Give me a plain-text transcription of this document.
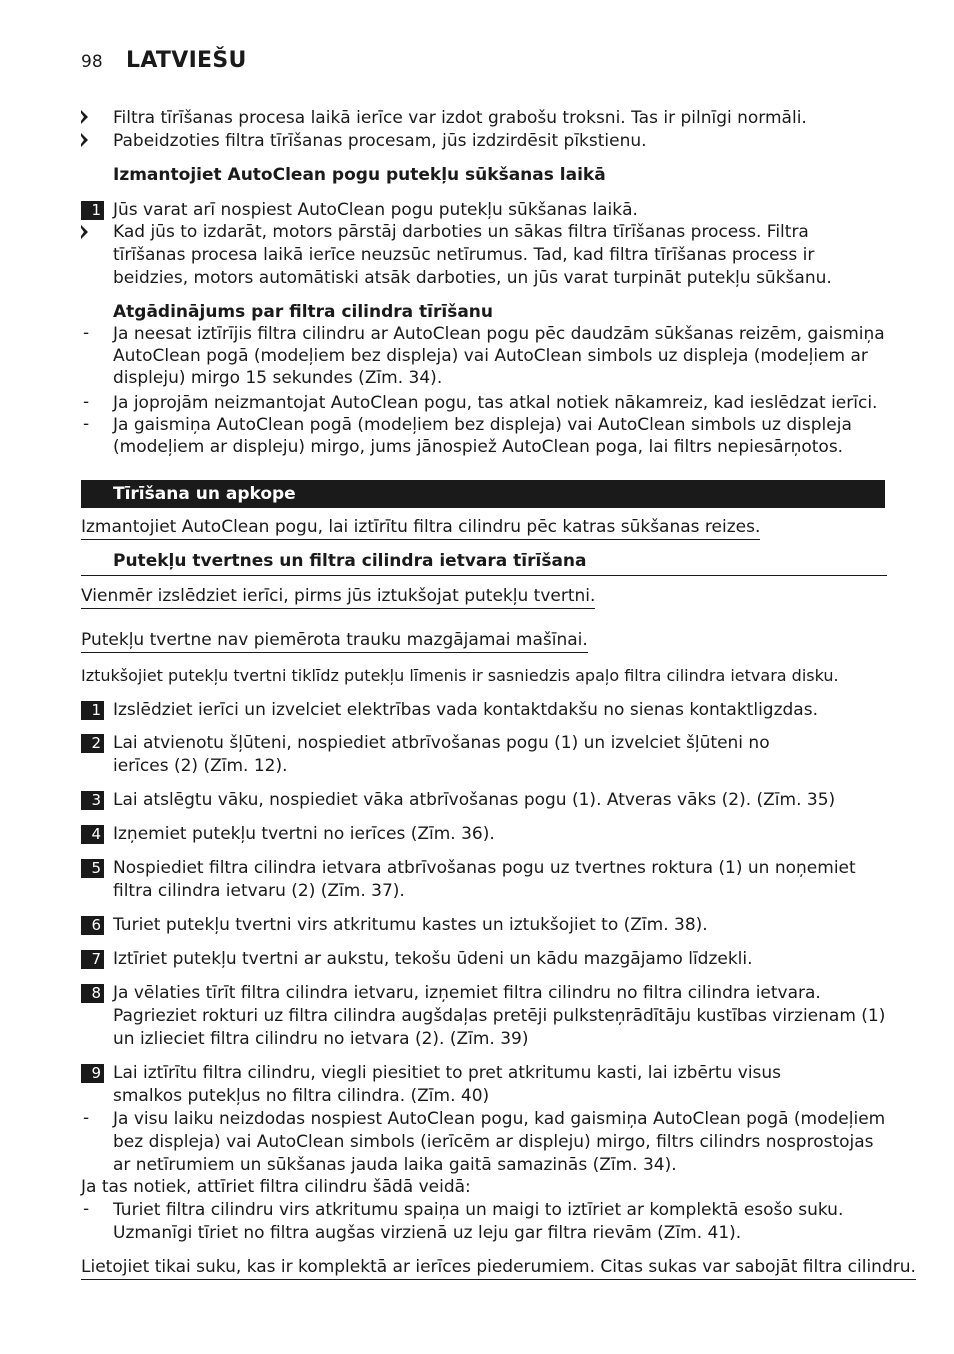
98 LATVIEŠU
Filtra tīrīšanas procesa laikā ierīce var izdot grabošu troksni. Tas ir pilnīgi normāli.
Pabeidzoties filtra tīrīšanas procesam, jūs izdzirdēsit pīkstienu.
Izmantojiet AutoClean pogu putekļu sūkšanas laikā
1 Jūs varat arī nospiest AutoClean pogu putekļu sūkšanas laikā.
Kad jūs to izdarāt, motors pārstāj darboties un sākas filtra tīrīšanas process. Filtra tīrīšanas procesa laikā ierīce neuzsūc netīrumus. Tad, kad filtra tīrīšanas process ir beidzies, motors automātiski atsāk darboties, un jūs varat turpināt putekļu sūkšanu.
Atgādinājums par filtra cilindra tīrīšanu
- Ja neesat iztīrījis filtra cilindru ar AutoClean pogu pēc daudzām sūkšanas reizēm, gaismiņa AutoClean pogā (modeļiem bez displeja) vai AutoClean simbols uz displeja (modeļiem ar displeju) mirgo 15 sekundes (Zīm. 34).
- Ja joprojām neizmantojat AutoClean pogu, tas atkal notiek nākamreiz, kad ieslēdzat ierīci.
- Ja gaismiņa AutoClean pogā (modeļiem bez displeja) vai AutoClean simbols uz displeja (modeļiem ar displeju) mirgo, jums jānospiež AutoClean poga, lai filtrs nepiesārņotos.
Tīrīšana un apkope
Izmantojiet AutoClean pogu, lai iztīrītu filtra cilindru pēc katras sūkšanas reizes.
Putekļu tvertnes un filtra cilindra ietvara tīrīšana
Vienmēr izslēdziet ierīci, pirms jūs iztukšojat putekļu tvertni.
Putekļu tvertne nav piemērota trauku mazgājamai mašīnai.
Iztukšojiet putekļu tvertni tiklīdz putekļu līmenis ir sasniedzis apaļo filtra cilindra ietvara disku.
1 Izslēdziet ierīci un izvelciet elektrības vada kontaktdakšu no sienas kontaktligzdas.
2 Lai atvienotu šļūteni, nospiediet atbrīvošanas pogu (1) un izvelciet šļūteni no ierīces (2) (Zīm. 12).
3 Lai atslēgtu vāku, nospiediet vāka atbrīvošanas pogu (1). Atveras vāks (2). (Zīm. 35)
4 Izņemiet putekļu tvertni no ierīces (Zīm. 36).
5 Nospiediet filtra cilindra ietvara atbrīvošanas pogu uz tvertnes roktura (1) un noņemiet filtra cilindra ietvaru (2) (Zīm. 37).
6 Turiet putekļu tvertni virs atkritumu kastes un iztukšojiet to (Zīm. 38).
7 Iztīriet putekļu tvertni ar aukstu, tekošu ūdeni un kādu mazgājamo līdzekli.
8 Ja vēlaties tīrīt filtra cilindra ietvaru, izņemiet filtra cilindru no filtra cilindra ietvara. Pagrieziet rokturi uz filtra cilindra augšdaļas pretēji pulksteņrādītāju kustības virzienam (1) un izlieciet filtra cilindru no ietvara (2). (Zīm. 39)
9 Lai iztīrītu filtra cilindru, viegli piesitiet to pret atkritumu kasti, lai izbērtu visus smalkos putekļus no filtra cilindra. (Zīm. 40)
- Ja visu laiku neizdodas nospiest AutoClean pogu, kad gaismiņa AutoClean pogā (modeļiem bez displeja) vai AutoClean simbols (ierīcēm ar displeju) mirgo, filtrs cilindrs nosprostojas ar netīrumiem un sūkšanas jauda laika gaitā samazinās (Zīm. 34).
Ja tas notiek, attīriet filtra cilindru šādā veidā:
- Turiet filtra cilindru virs atkritumu spaiņa un maigi to iztīriet ar komplektā esošo suku. Uzmanīgi tīriet no filtra augšas virzienā uz leju gar filtra rievām (Zīm. 41).
Lietojiet tikai suku, kas ir komplektā ar ierīces piederumiem. Citas sukas var sabojāt filtra cilindru.
